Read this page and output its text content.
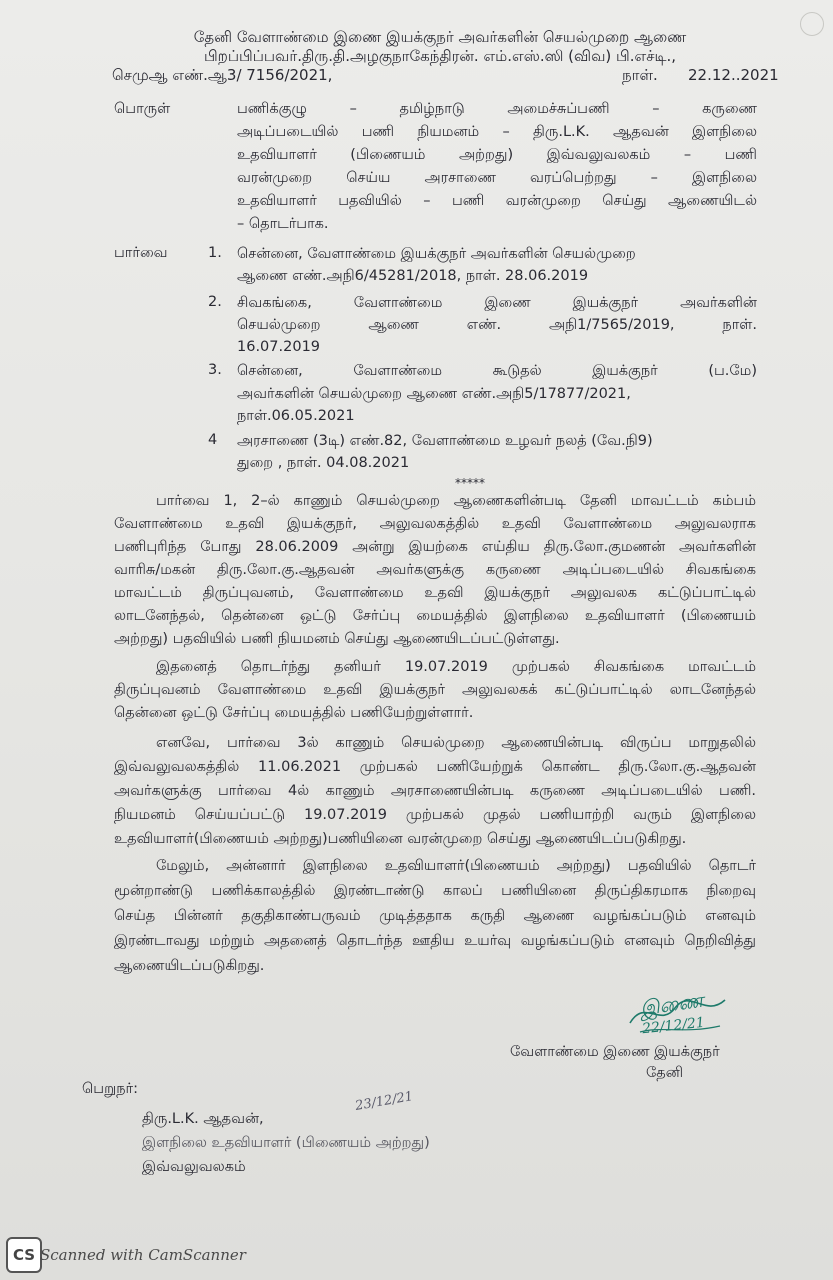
தேனி வேளாண்மை இணை இயக்குநர் அவர்களின் செயல்முறை ஆணை
பிறப்பிப்பவர்.திரு.தி.அழகுநாகேந்திரன். எம்.எஸ்.ஸி (விவ) பி.எச்டி.,
செமுஆ எண்.ஆ3/ 7156/2021,	நாள். 22.12..2021
பொருள்	பணிக்குழு – தமிழ்நாடு அமைச்சுப்பணி – கருணை
அடிப்படையில் பணி நியமனம் – திரு.L.K. ஆதவன் இளநிலை
உதவியாளர் (பிணையம் அற்றது) இவ்வலுவலகம் – பணி
வரன்முறை செய்ய அரசாணை வரப்பெற்றது – இளநிலை
உதவியாளர் பதவியில் – பணி வரன்முறை செய்து ஆணையிடல்
– தொடர்பாக.
பார்வை	1. சென்னை, வேளாண்மை இயக்குநர் அவர்களின் செயல்முறை
ஆணை எண்.அநி6/45281/2018, நாள். 28.06.2019
2. சிவகங்கை, வேளாண்மை இணை இயக்குநர் அவர்களின்
செயல்முறை ஆணை எண். அநி1/7565/2019, நாள்.
16.07.2019
3. சென்னை, வேளாண்மை கூடுதல் இயக்குநர் (ப.மே)
அவர்களின் செயல்முறை ஆணை எண்.அநி5/17877/2021,
நாள்.06.05.2021
4 அரசாணை (3டி) எண்.82, வேளாண்மை உழவர் நலத் (வே.நி9)
துறை , நாள். 04.08.2021
*****
பார்வை 1, 2–ல் காணும் செயல்முறை ஆணைகளின்படி தேனி மாவட்டம் கம்பம்
வேளாண்மை உதவி இயக்குநர், அலுவலகத்தில் உதவி வேளாண்மை அலுவலராக
பணிபுரிந்த போது 28.06.2009 அன்று இயற்கை எய்திய திரு.லோ.குமணன் அவர்களின்
வாரிசு/மகன் திரு.லோ.கு.ஆதவன் அவர்களுக்கு கருணை அடிப்படையில் சிவகங்கை
மாவட்டம் திருப்புவனம், வேளாண்மை உதவி இயக்குநர் அலுவலக கட்டுப்பாட்டில்
லாடனேந்தல், தென்னை ஒட்டு சேர்ப்பு மையத்தில் இளநிலை உதவியாளர் (பிணையம்
அற்றது) பதவியில் பணி நியமனம் செய்து ஆணையிடப்பட்டுள்ளது.
இதனைத் தொடர்ந்து தனியர் 19.07.2019 முற்பகல் சிவகங்கை மாவட்டம்
திருப்புவனம் வேளாண்மை உதவி இயக்குநர் அலுவலகக் கட்டுப்பாட்டில் லாடனேந்தல்
தென்னை ஒட்டு சேர்ப்பு மையத்தில் பணியேற்றுள்ளார்.
எனவே, பார்வை 3ல் காணும் செயல்முறை ஆணையின்படி விருப்ப மாறுதலில்
இவ்வலுவலகத்தில் 11.06.2021 முற்பகல் பணியேற்றுக் கொண்ட திரு.லோ.கு.ஆதவன்
அவர்களுக்கு பார்வை 4ல் காணும் அரசாணையின்படி கருணை அடிப்படையில் பணி.
நியமனம் செய்யப்பட்டு 19.07.2019 முற்பகல் முதல் பணியாற்றி வரும் இளநிலை
உதவியாளர்(பிணையம் அற்றது)பணியினை வரன்முறை செய்து ஆணையிடப்படுகிறது.
மேலும், அன்னார் இளநிலை உதவியாளர்(பிணையம் அற்றது) பதவியில் தொடர்
மூன்றாண்டு பணிக்காலத்தில் இரண்டாண்டு காலப் பணியினை திருப்திகரமாக நிறைவு
செய்த பின்னர் தகுதிகாண்பருவம் முடித்ததாக கருதி ஆணை வழங்கப்படும் எனவும்
இரண்டாவது மற்றும் அதனைத் தொடர்ந்த ஊதிய உயர்வு வழங்கப்படும் எனவும் நெறிவித்து
ஆணையிடப்படுகிறது.
இணை
22/12/21
வேளாண்மை இணை இயக்குநர்
தேனி
பெறுநர்:
23/12/21
திரு.L.K. ஆதவன்,
இளநிலை உதவியாளர் (பிணையம் அற்றது)
இவ்வலுவலகம்
CS Scanned with CamScanner
